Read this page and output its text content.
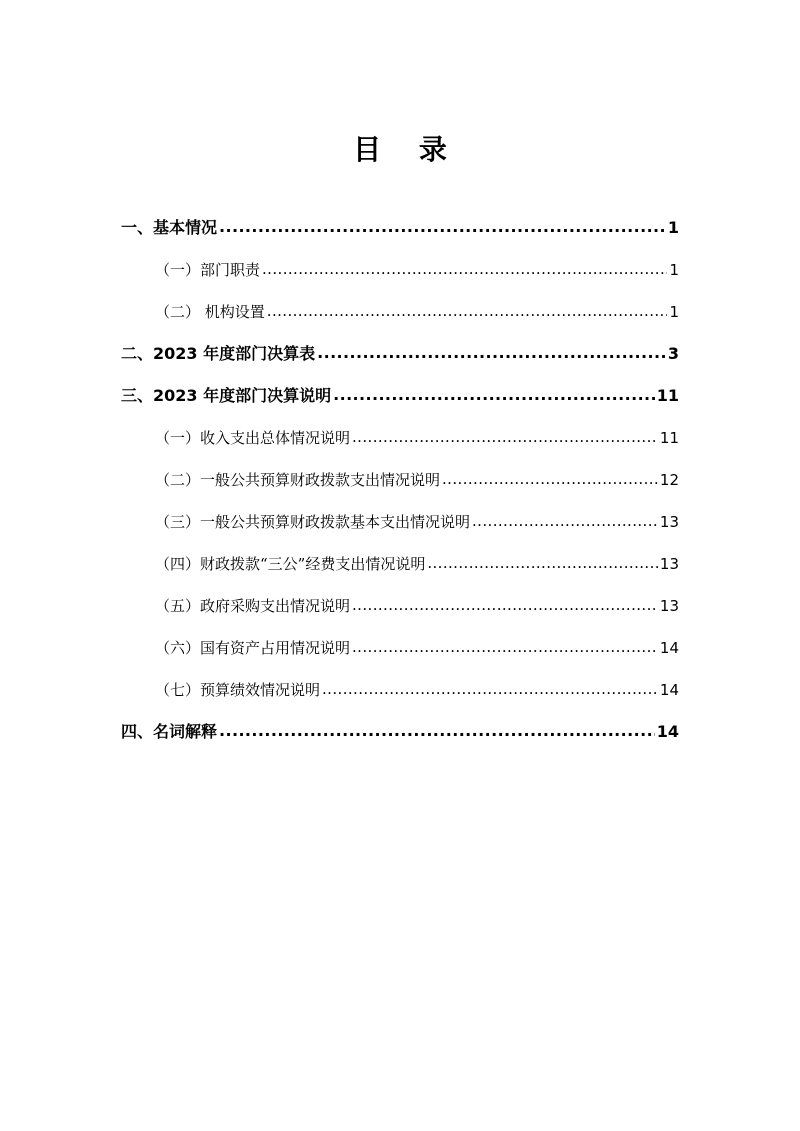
目 录
一、基本情况 .....	1
（一）部门职责 .....	1
（二） 机构设置 .....	1
二、2023 年度部门决算表 .....	3
三、2023 年度部门决算说明 .....	11
（一）收入支出总体情况说明 .....	11
（二）一般公共预算财政拨款支出情况说明 .....	12
（三）一般公共预算财政拨款基本支出情况说明 .....	13
（四）财政拨款“三公”经费支出情况说明 .....	13
（五）政府采购支出情况说明 .....	13
（六）国有资产占用情况说明 .....	14
（七）预算绩效情况说明 .....	14
四、名词解释 .....	14
